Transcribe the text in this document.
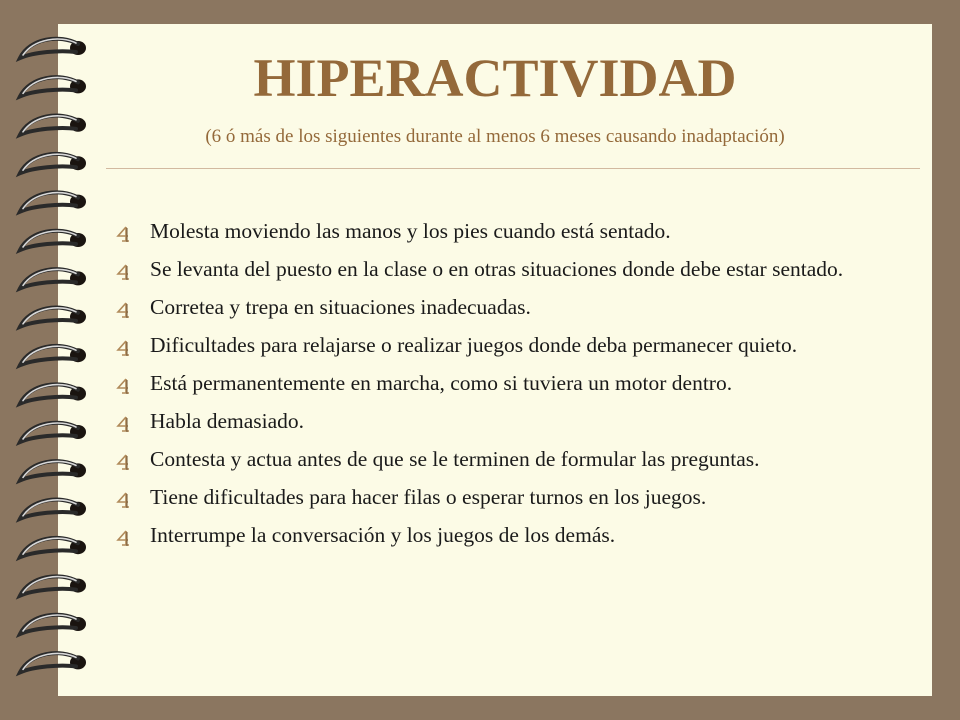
HIPERACTIVIDAD

(6 ó más de los siguientes durante al menos 6 meses causando inadaptación)

Molesta moviendo las manos y los pies cuando está sentado.
Se levanta del puesto en la clase o en otras situaciones donde debe estar sentado.
Corretea y trepa en situaciones inadecuadas.
Dificultades para relajarse o realizar juegos donde deba permanecer quieto.
Está permanentemente en marcha, como si tuviera un motor dentro.
Habla demasiado.
Contesta y actua antes de que se le terminen de formular las preguntas.
Tiene dificultades para hacer filas o esperar turnos en los juegos.
Interrumpe la conversación y los juegos de los demás.
